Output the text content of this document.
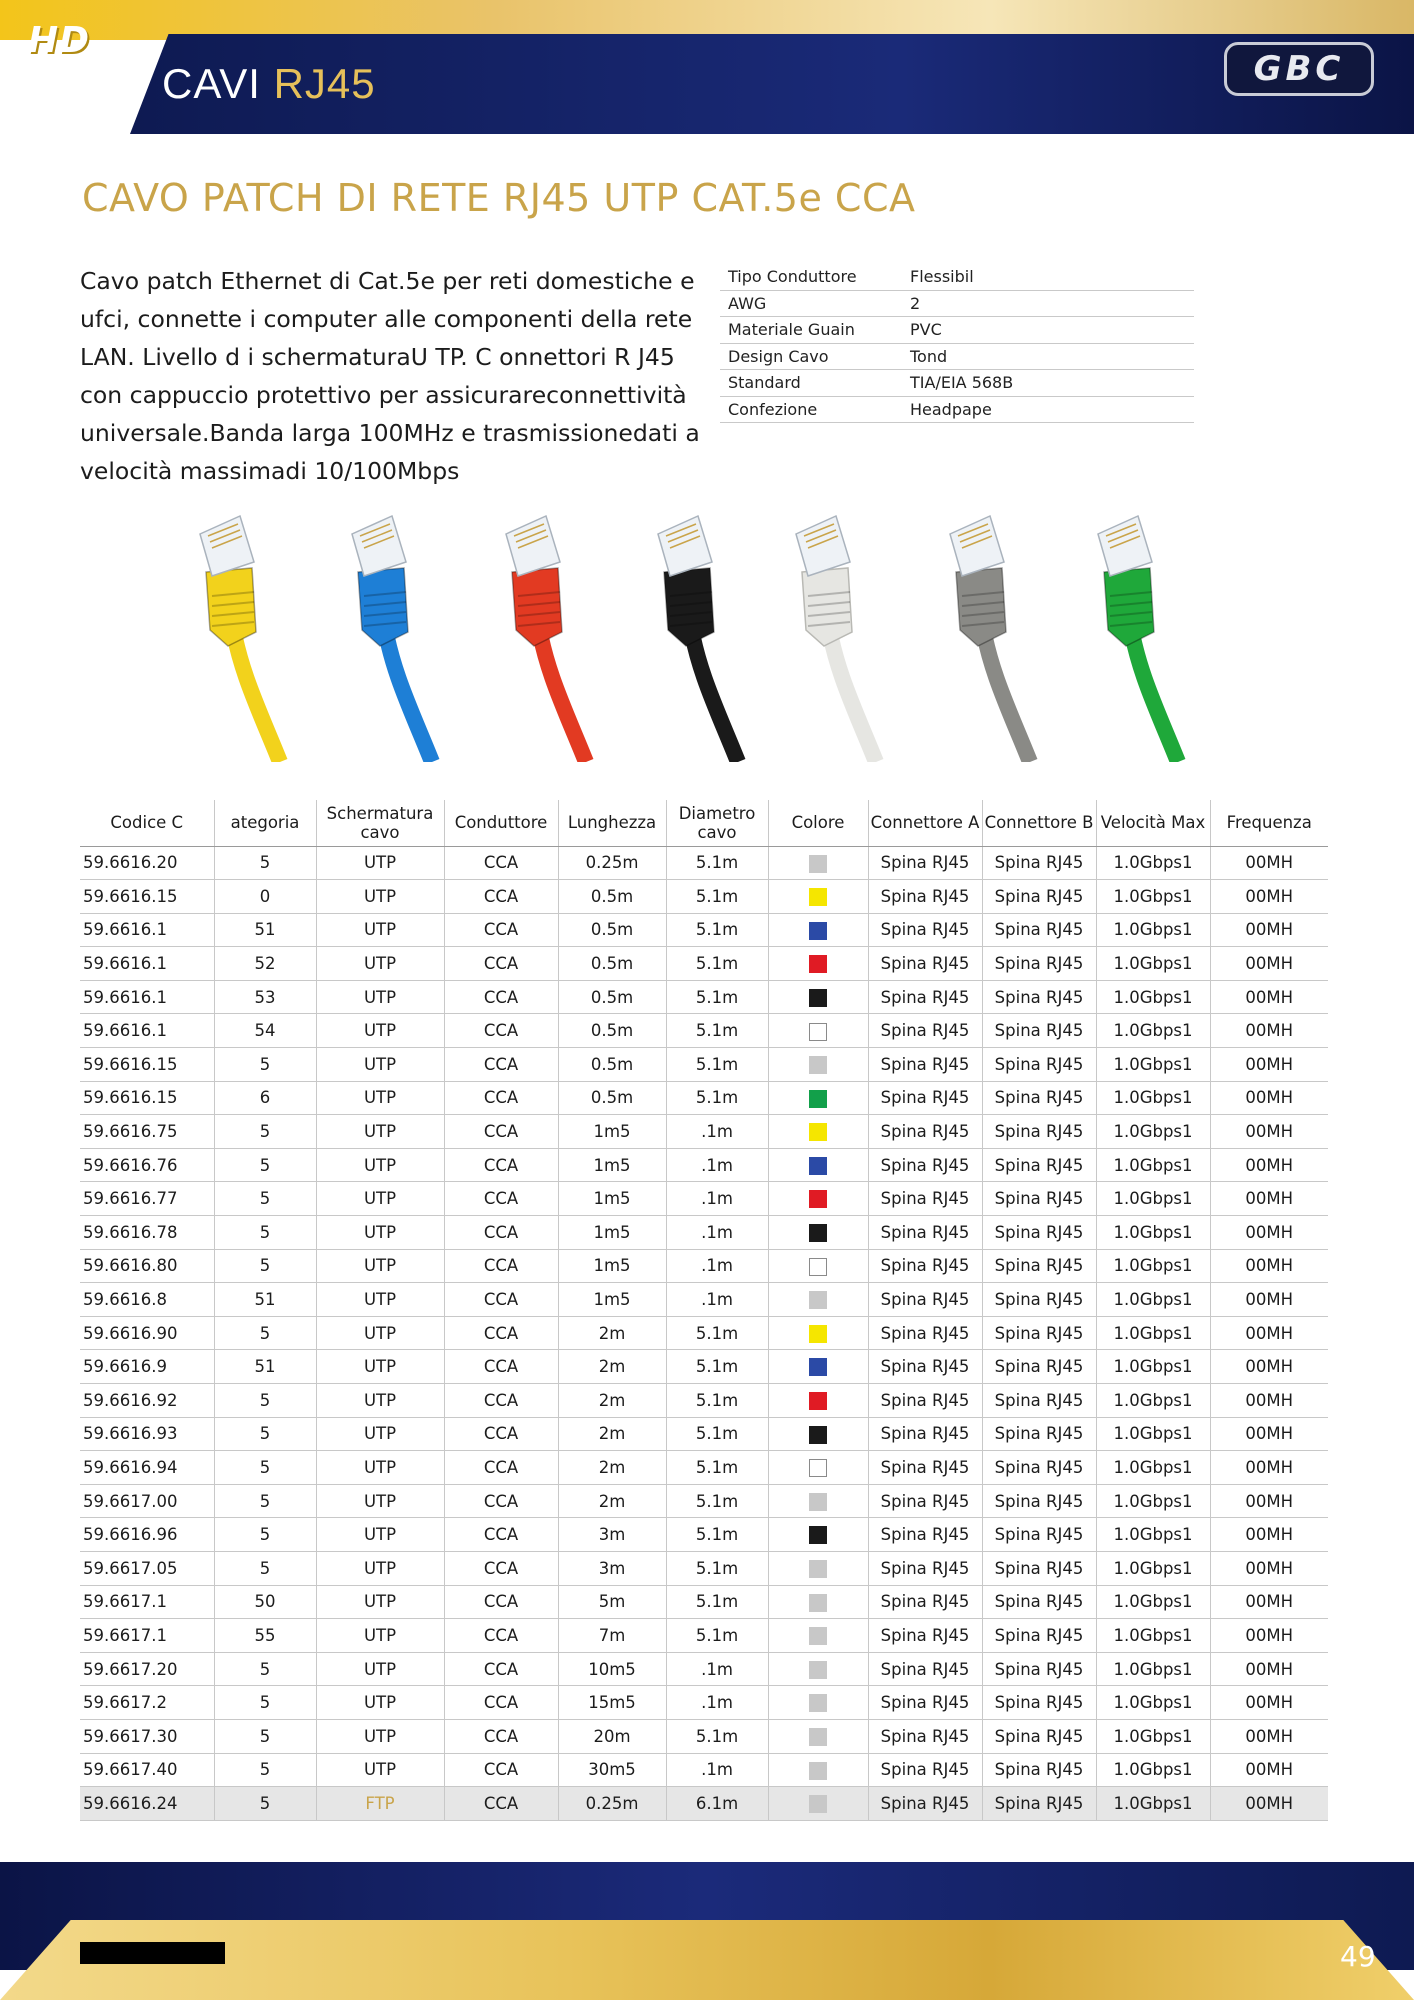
HD
CAVI RJ45	GBC
CAVO PATCH DI RETE RJ45 UTP CAT.5e CCA
Cavo patch Ethernet di Cat.5e per reti domestiche e ufci, connette i computer alle componenti della rete LAN. Livello d i schermaturaU TP. C onnettori R J45 con cappuccio protettivo per assicurareconnettività universale.Banda larga 100MHz e trasmissionedati a velocità massimadi 10/100Mbps
Tipo Conduttore	Flessibil
AWG	2
Materiale Guain	PVC
Design Cavo	Tond
Standard	TIA/EIA 568B
Confezione	Headpape
Codice C	ategoria	Schermatura cavo	Conduttore	Lunghezza	Diametro cavo	Colore	Connettore A	Connettore B	Velocità Max	Frequenza
59.6616.20	5	UTP	CCA	0.25m	5.1m		Spina RJ45	Spina RJ45	1.0Gbps1	00MH
59.6616.15	0	UTP	CCA	0.5m	5.1m		Spina RJ45	Spina RJ45	1.0Gbps1	00MH
59.6616.1	51	UTP	CCA	0.5m	5.1m		Spina RJ45	Spina RJ45	1.0Gbps1	00MH
59.6616.1	52	UTP	CCA	0.5m	5.1m		Spina RJ45	Spina RJ45	1.0Gbps1	00MH
59.6616.1	53	UTP	CCA	0.5m	5.1m		Spina RJ45	Spina RJ45	1.0Gbps1	00MH
59.6616.1	54	UTP	CCA	0.5m	5.1m		Spina RJ45	Spina RJ45	1.0Gbps1	00MH
59.6616.15	5	UTP	CCA	0.5m	5.1m		Spina RJ45	Spina RJ45	1.0Gbps1	00MH
59.6616.15	6	UTP	CCA	0.5m	5.1m		Spina RJ45	Spina RJ45	1.0Gbps1	00MH
59.6616.75	5	UTP	CCA	1m5	.1m		Spina RJ45	Spina RJ45	1.0Gbps1	00MH
59.6616.76	5	UTP	CCA	1m5	.1m		Spina RJ45	Spina RJ45	1.0Gbps1	00MH
59.6616.77	5	UTP	CCA	1m5	.1m		Spina RJ45	Spina RJ45	1.0Gbps1	00MH
59.6616.78	5	UTP	CCA	1m5	.1m		Spina RJ45	Spina RJ45	1.0Gbps1	00MH
59.6616.80	5	UTP	CCA	1m5	.1m		Spina RJ45	Spina RJ45	1.0Gbps1	00MH
59.6616.8	51	UTP	CCA	1m5	.1m		Spina RJ45	Spina RJ45	1.0Gbps1	00MH
59.6616.90	5	UTP	CCA	2m	5.1m		Spina RJ45	Spina RJ45	1.0Gbps1	00MH
59.6616.9	51	UTP	CCA	2m	5.1m		Spina RJ45	Spina RJ45	1.0Gbps1	00MH
59.6616.92	5	UTP	CCA	2m	5.1m		Spina RJ45	Spina RJ45	1.0Gbps1	00MH
59.6616.93	5	UTP	CCA	2m	5.1m		Spina RJ45	Spina RJ45	1.0Gbps1	00MH
59.6616.94	5	UTP	CCA	2m	5.1m		Spina RJ45	Spina RJ45	1.0Gbps1	00MH
59.6617.00	5	UTP	CCA	2m	5.1m		Spina RJ45	Spina RJ45	1.0Gbps1	00MH
59.6616.96	5	UTP	CCA	3m	5.1m		Spina RJ45	Spina RJ45	1.0Gbps1	00MH
59.6617.05	5	UTP	CCA	3m	5.1m		Spina RJ45	Spina RJ45	1.0Gbps1	00MH
59.6617.1	50	UTP	CCA	5m	5.1m		Spina RJ45	Spina RJ45	1.0Gbps1	00MH
59.6617.1	55	UTP	CCA	7m	5.1m		Spina RJ45	Spina RJ45	1.0Gbps1	00MH
59.6617.20	5	UTP	CCA	10m5	.1m		Spina RJ45	Spina RJ45	1.0Gbps1	00MH
59.6617.2	5	UTP	CCA	15m5	.1m		Spina RJ45	Spina RJ45	1.0Gbps1	00MH
59.6617.30	5	UTP	CCA	20m	5.1m		Spina RJ45	Spina RJ45	1.0Gbps1	00MH
59.6617.40	5	UTP	CCA	30m5	.1m		Spina RJ45	Spina RJ45	1.0Gbps1	00MH
59.6616.24	5	FTP	CCA	0.25m	6.1m		Spina RJ45	Spina RJ45	1.0Gbps1	00MH
49
